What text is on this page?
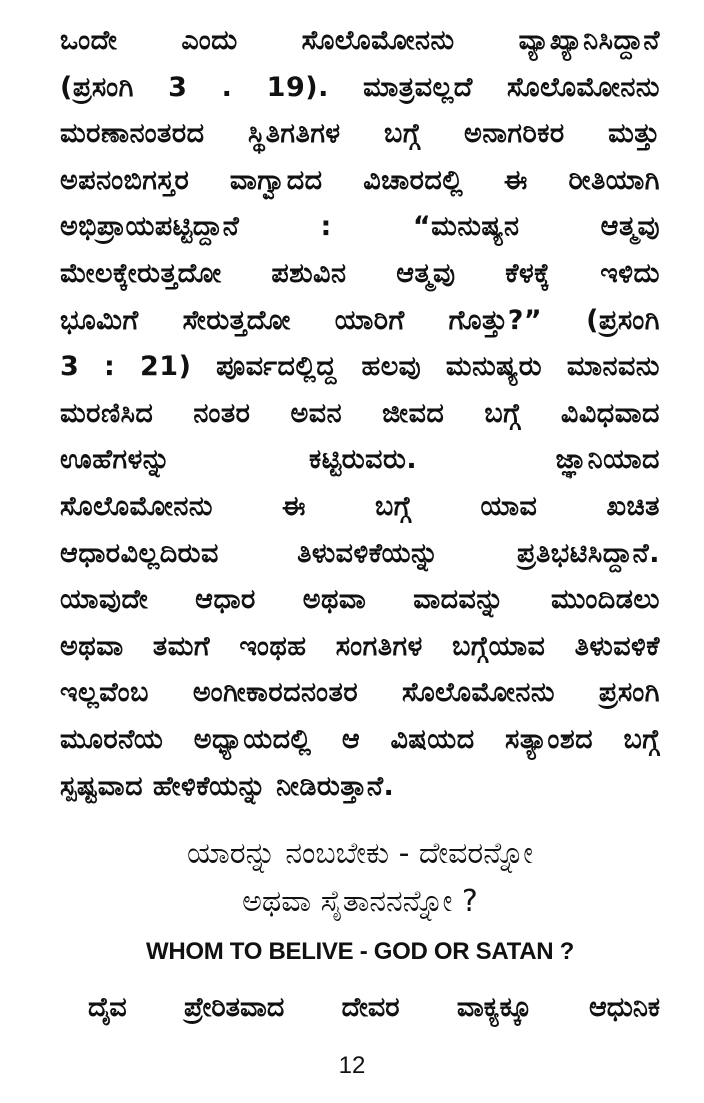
ಒಂದೇ ಎಂದು ಸೊಲೊಮೋನನು ವ್ಯಾಖ್ಯಾನಿಸಿದ್ದಾನೆ
(ಪ್ರಸಂಗಿ 3 . 19). ಮಾತ್ರವಲ್ಲದೆ ಸೊಲೊಮೋನನು
ಮರಣಾನಂತರದ ಸ್ಥಿತಿಗತಿಗಳ ಬಗ್ಗೆ ಅನಾಗರಿಕರ ಮತ್ತು
ಅಪನಂಬಿಗಸ್ತರ ವಾಗ್ವಾದದ ವಿಚಾರದಲ್ಲಿ ಈ ರೀತಿಯಾಗಿ
ಅಭಿಪ್ರಾಯಪಟ್ಟಿದ್ದಾನೆ : “ಮನುಷ್ಯನ ಆತ್ಮವು
ಮೇಲಕ್ಕೇರುತ್ತದೋ ಪಶುವಿನ ಆತ್ಮವು ಕೆಳಕ್ಕೆ ಇಳಿದು
ಭೂಮಿಗೆ ಸೇರುತ್ತದೋ ಯಾರಿಗೆ ಗೊತ್ತು?” (ಪ್ರಸಂಗಿ
3 : 21) ಪೂರ್ವದಲ್ಲಿದ್ದ ಹಲವು ಮನುಷ್ಯರು ಮಾನವನು
ಮರಣಿಸಿದ ನಂತರ ಅವನ ಜೀವದ ಬಗ್ಗೆ ವಿವಿಧವಾದ
ಊಹೆಗಳನ್ನು ಕಟ್ಟಿರುವರು. ಜ್ಞಾನಿಯಾದ
ಸೊಲೊಮೋನನು ಈ ಬಗ್ಗೆ ಯಾವ ಖಚಿತ
ಆಧಾರವಿಲ್ಲದಿರುವ ತಿಳುವಳಿಕೆಯನ್ನು ಪ್ರತಿಭಟಿಸಿದ್ದಾನೆ.
ಯಾವುದೇ ಆಧಾರ ಅಥವಾ ವಾದವನ್ನು ಮುಂದಿಡಲು
ಅಥವಾ ತಮಗೆ ಇಂಥಹ ಸಂಗತಿಗಳ ಬಗ್ಗೆಯಾವ ತಿಳುವಳಿಕೆ
ಇಲ್ಲವೆಂಬ ಅಂಗೀಕಾರದನಂತರ ಸೊಲೊಮೋನನು ಪ್ರಸಂಗಿ
ಮೂರನೆಯ ಅಧ್ಯಾಯದಲ್ಲಿ ಆ ವಿಷಯದ ಸತ್ಯಾಂಶದ ಬಗ್ಗೆ
ಸ್ಪಷ್ಟವಾದ ಹೇಳಿಕೆಯನ್ನು ನೀಡಿರುತ್ತಾನೆ.
ಯಾರನ್ನು ನಂಬಬೇಕು - ದೇವರನ್ನೋ
ಅಥವಾ ಸೈತಾನನನ್ನೋ ?
WHOM TO BELIVE - GOD OR SATAN ?
ದೈವ ಪ್ರೇರಿತವಾದ ದೇವರ ವಾಕ್ಯಕ್ಕೂ ಆಧುನಿಕ
12
